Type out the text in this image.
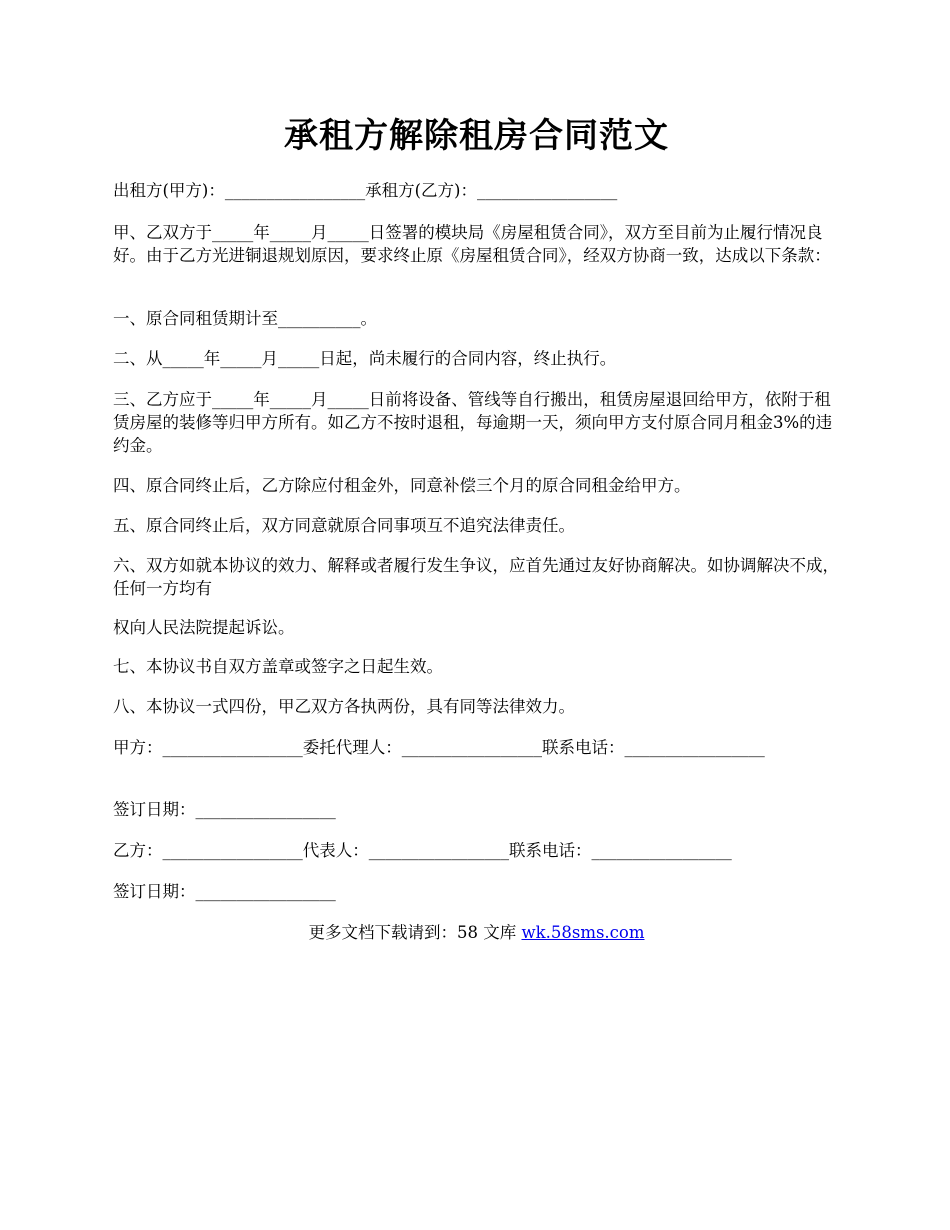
承租方解除租房合同范文

出租方(甲方)：_________________承租方(乙方)：_________________

甲、乙双方于_____年_____月_____日签署的模块局《房屋租赁合同》，双方至目前为止履行情况良好。由于乙方光进铜退规划原因，要求终止原《房屋租赁合同》，经双方协商一致，达成以下条款：

一、原合同租赁期计至__________。

二、从_____年_____月_____日起，尚未履行的合同内容，终止执行。

三、乙方应于_____年_____月_____日前将设备、管线等自行搬出，租赁房屋退回给甲方，依附于租赁房屋的装修等归甲方所有。如乙方不按时退租，每逾期一天，须向甲方支付原合同月租金3%的违约金。

四、原合同终止后，乙方除应付租金外，同意补偿三个月的原合同租金给甲方。

五、原合同终止后，双方同意就原合同事项互不追究法律责任。

六、双方如就本协议的效力、解释或者履行发生争议，应首先通过友好协商解决。如协调解决不成，任何一方均有

权向人民法院提起诉讼。

七、本协议书自双方盖章或签字之日起生效。

八、本协议一式四份，甲乙双方各执两份，具有同等法律效力。

甲方：_________________委托代理人：_________________联系电话：_________________

签订日期：_________________

乙方：_________________代表人：_________________联系电话：_________________

签订日期：_________________

更多文档下载请到：58 文库 wk.58sms.com
